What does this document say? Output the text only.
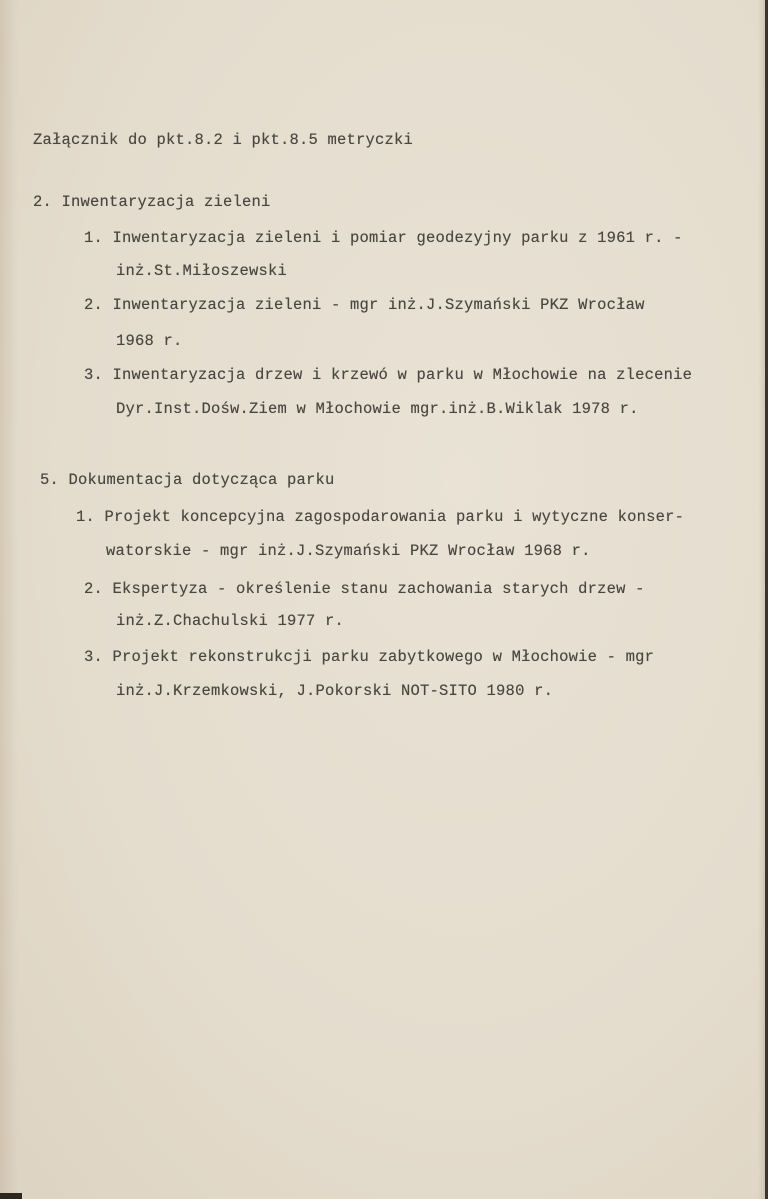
Załącznik do pkt.8.2 i pkt.8.5 metryczki
2. Inwentaryzacja zieleni
1. Inwentaryzacja zieleni i pomiar geodezyjny parku z 1961 r. -
inż.St.Miłoszewski
2. Inwentaryzacja zieleni - mgr inż.J.Szymański PKZ Wrocław
1968 r.
3. Inwentaryzacja drzew i krzewó w parku w Młochowie na zlecenie
Dyr.Inst.Dośw.Ziem w Młochowie mgr.inż.B.Wiklak 1978 r.
5. Dokumentacja dotycząca parku
1. Projekt koncepcyjna zagospodarowania parku i wytyczne konser-
watorskie - mgr inż.J.Szymański PKZ Wrocław 1968 r.
2. Ekspertyza - określenie stanu zachowania starych drzew -
inż.Z.Chachulski 1977 r.
3. Projekt rekonstrukcji parku zabytkowego w Młochowie - mgr
inż.J.Krzemkowski, J.Pokorski NOT-SITO 1980 r.
